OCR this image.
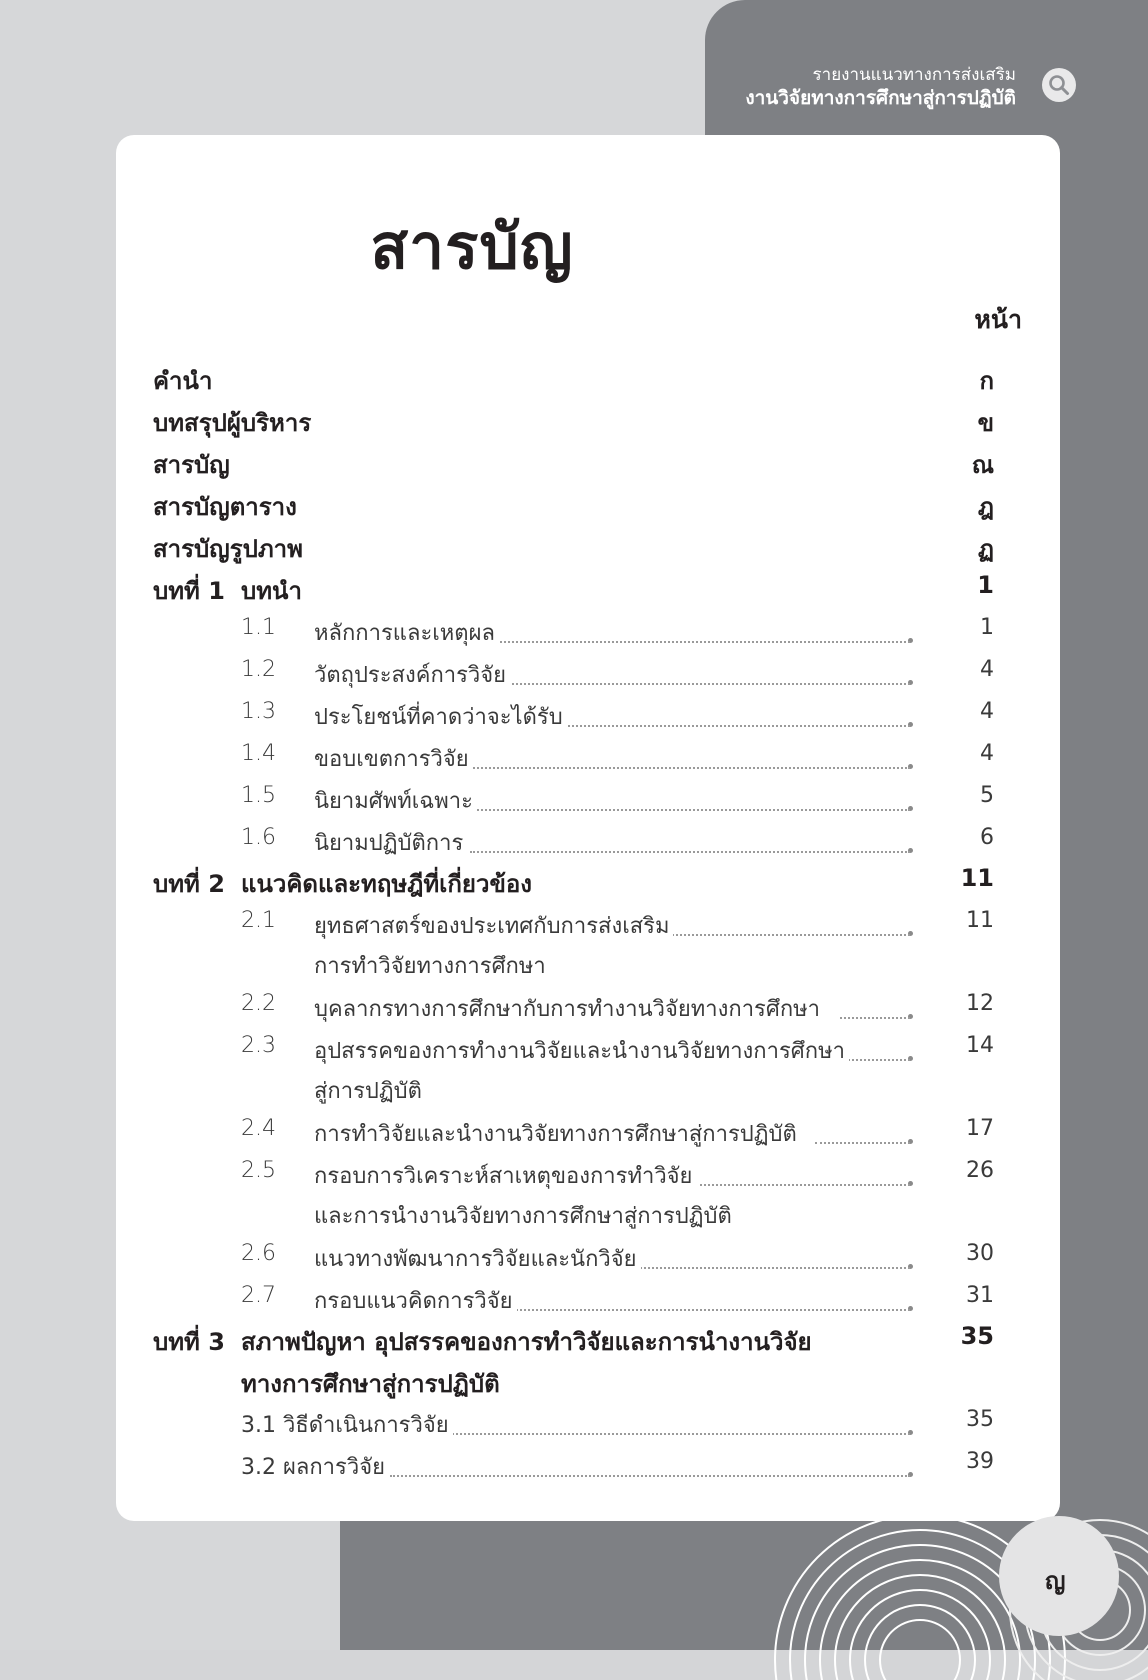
รายงานแนวทางการส่งเสริม
งานวิจัยทางการศึกษาสู่การปฏิบัติ
สารบัญ
หน้า
คำนำ	ก
บทสรุปผู้บริหาร	ข
สารบัญ	ณ
สารบัญตาราง	ฎ
สารบัญรูปภาพ	ฏ
บทที่ 1 บทนำ	1
1.1 หลักการและเหตุผล	1
1.2 วัตถุประสงค์การวิจัย	4
1.3 ประโยชน์ที่คาดว่าจะได้รับ	4
1.4 ขอบเขตการวิจัย	4
1.5 นิยามศัพท์เฉพาะ	5
1.6 นิยามปฏิบัติการ	6
บทที่ 2 แนวคิดและทฤษฎีที่เกี่ยวข้อง	11
2.1 ยุทธศาสตร์ของประเทศกับการส่งเสริม	11
การทำวิจัยทางการศึกษา
2.2 บุคลากรทางการศึกษากับการทำงานวิจัยทางการศึกษา	12
2.3 อุปสรรคของการทำงานวิจัยและนำงานวิจัยทางการศึกษา	14
สู่การปฏิบัติ
2.4 การทำวิจัยและนำงานวิจัยทางการศึกษาสู่การปฏิบัติ	17
2.5 กรอบการวิเคราะห์สาเหตุของการทำวิจัย	26
และการนำงานวิจัยทางการศึกษาสู่การปฏิบัติ
2.6 แนวทางพัฒนาการวิจัยและนักวิจัย	30
2.7 กรอบแนวคิดการวิจัย	31
บทที่ 3 สภาพปัญหา อุปสรรคของการทำวิจัยและการนำงานวิจัย	35
ทางการศึกษาสู่การปฏิบัติ
3.1 วิธีดำเนินการวิจัย	35
3.2 ผลการวิจัย	39
ญ
